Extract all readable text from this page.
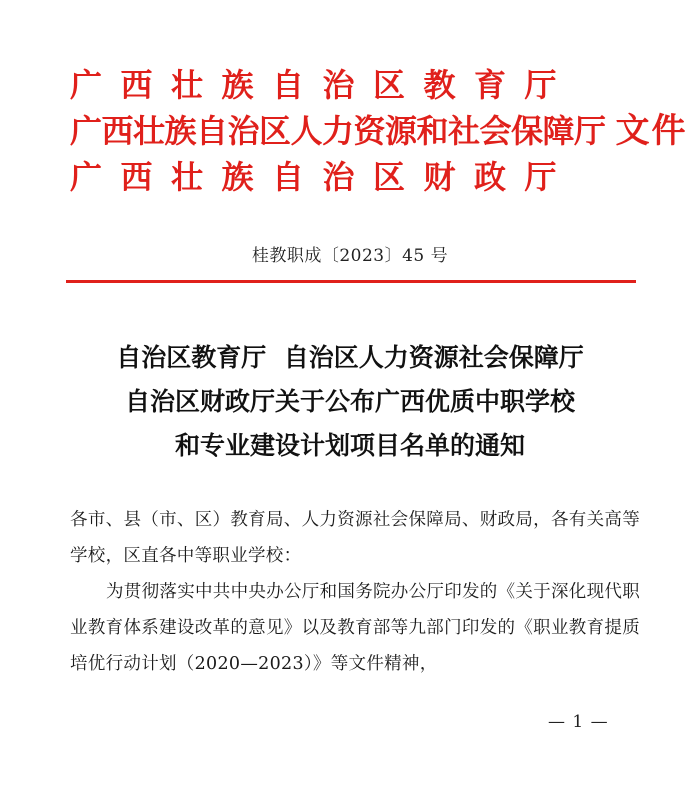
广西壮族自治区教育厅
广西壮族自治区人力资源和社会保障厅 文件
广西壮族自治区财政厅
桂教职成〔2023〕45 号
自治区教育厅  自治区人力资源社会保障厅
自治区财政厅关于公布广西优质中职学校
和专业建设计划项目名单的通知

各市、县（市、区）教育局、人力资源社会保障局、财政局，各有关高等学校，区直各中等职业学校：

为贯彻落实中共中央办公厅和国务院办公厅印发的《关于深化现代职业教育体系建设改革的意见》以及教育部等九部门印发的《职业教育提质培优行动计划（2020—2023）》等文件精神，

— 1 —
